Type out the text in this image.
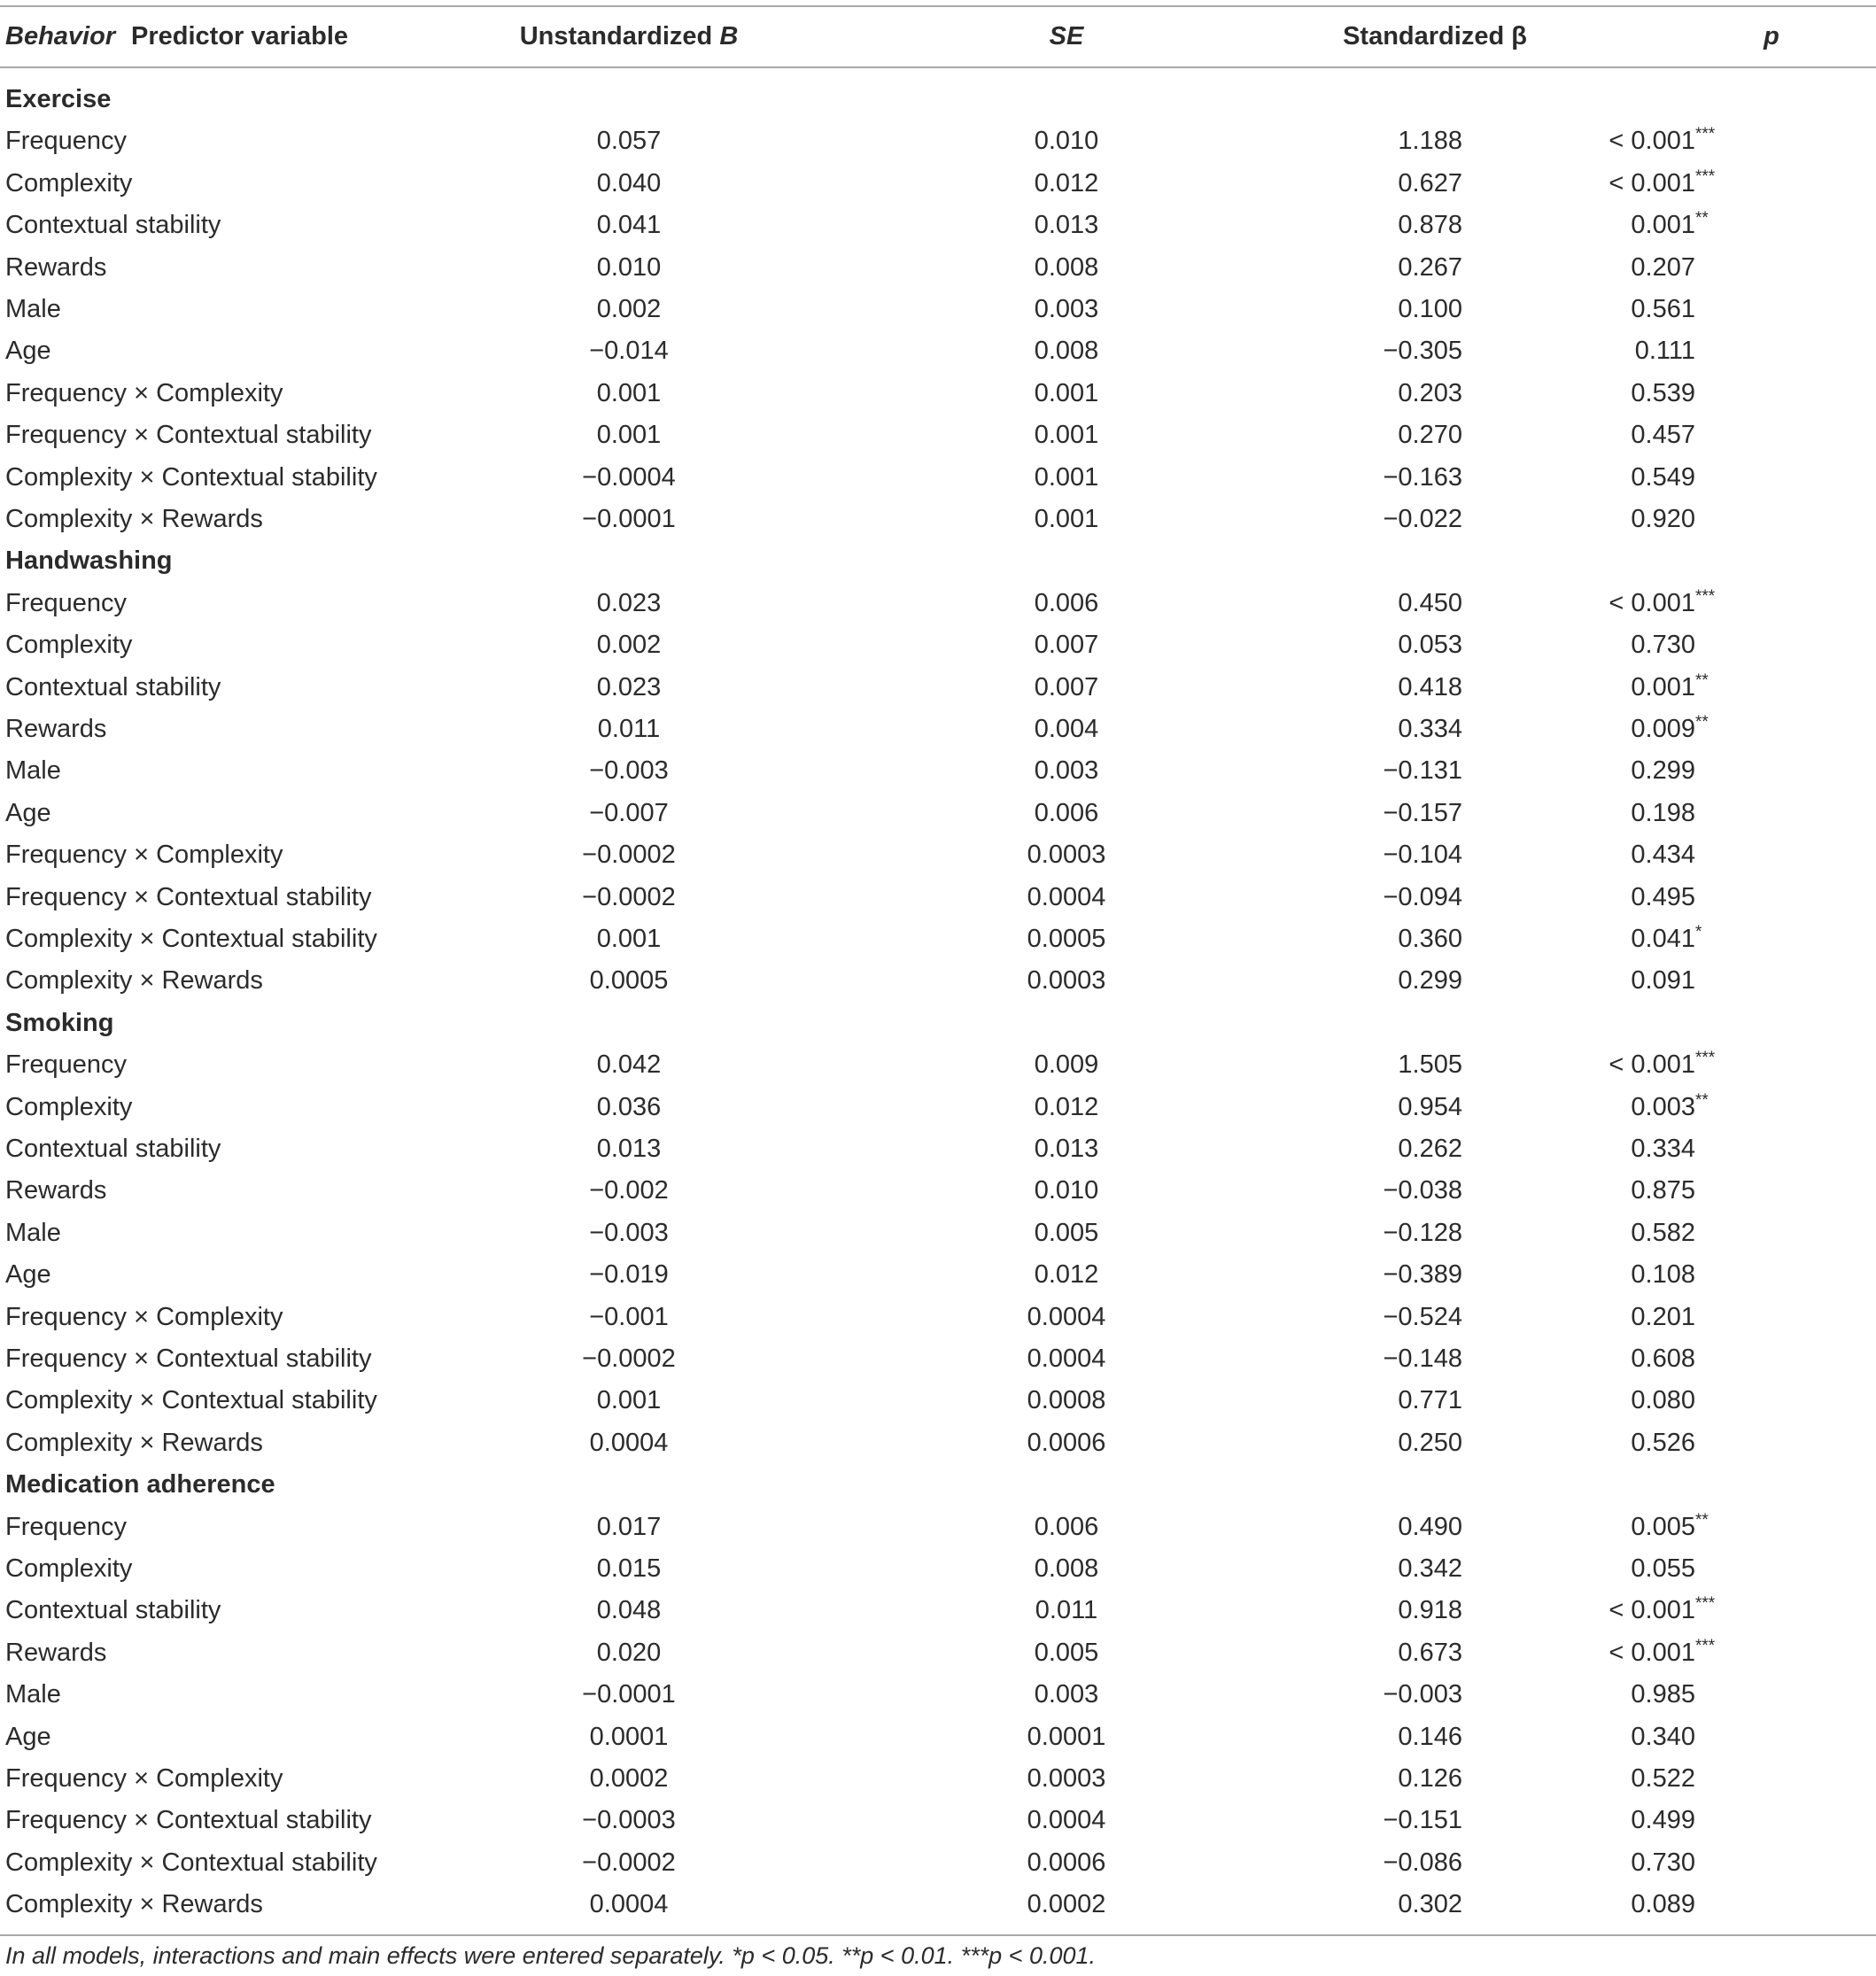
Behavior Predictor variable	Unstandardized B	SE	Standardized β	p
Exercise
Frequency	0.057	0.010	1.188	< 0.001 ***
Complexity	0.040	0.012	0.627	< 0.001 ***
Contextual stability	0.041	0.013	0.878	0.001 **
Rewards	0.010	0.008	0.267	0.207
Male	0.002	0.003	0.100	0.561
Age	−0.014	0.008	−0.305	0.111
Frequency × Complexity	0.001	0.001	0.203	0.539
Frequency × Contextual stability	0.001	0.001	0.270	0.457
Complexity × Contextual stability	−0.0004	0.001	−0.163	0.549
Complexity × Rewards	−0.0001	0.001	−0.022	0.920
Handwashing
Frequency	0.023	0.006	0.450	< 0.001 ***
Complexity	0.002	0.007	0.053	0.730
Contextual stability	0.023	0.007	0.418	0.001 **
Rewards	0.011	0.004	0.334	0.009 **
Male	−0.003	0.003	−0.131	0.299
Age	−0.007	0.006	−0.157	0.198
Frequency × Complexity	−0.0002	0.0003	−0.104	0.434
Frequency × Contextual stability	−0.0002	0.0004	−0.094	0.495
Complexity × Contextual stability	0.001	0.0005	0.360	0.041 *
Complexity × Rewards	0.0005	0.0003	0.299	0.091
Smoking
Frequency	0.042	0.009	1.505	< 0.001 ***
Complexity	0.036	0.012	0.954	0.003 **
Contextual stability	0.013	0.013	0.262	0.334
Rewards	−0.002	0.010	−0.038	0.875
Male	−0.003	0.005	−0.128	0.582
Age	−0.019	0.012	−0.389	0.108
Frequency × Complexity	−0.001	0.0004	−0.524	0.201
Frequency × Contextual stability	−0.0002	0.0004	−0.148	0.608
Complexity × Contextual stability	0.001	0.0008	0.771	0.080
Complexity × Rewards	0.0004	0.0006	0.250	0.526
Medication adherence
Frequency	0.017	0.006	0.490	0.005 **
Complexity	0.015	0.008	0.342	0.055
Contextual stability	0.048	0.011	0.918	< 0.001 ***
Rewards	0.020	0.005	0.673	< 0.001 ***
Male	−0.0001	0.003	−0.003	0.985
Age	0.0001	0.0001	0.146	0.340
Frequency × Complexity	0.0002	0.0003	0.126	0.522
Frequency × Contextual stability	−0.0003	0.0004	−0.151	0.499
Complexity × Contextual stability	−0.0002	0.0006	−0.086	0.730
Complexity × Rewards	0.0004	0.0002	0.302	0.089
In all models, interactions and main effects were entered separately. *p < 0.05. **p < 0.01. ***p < 0.001.
